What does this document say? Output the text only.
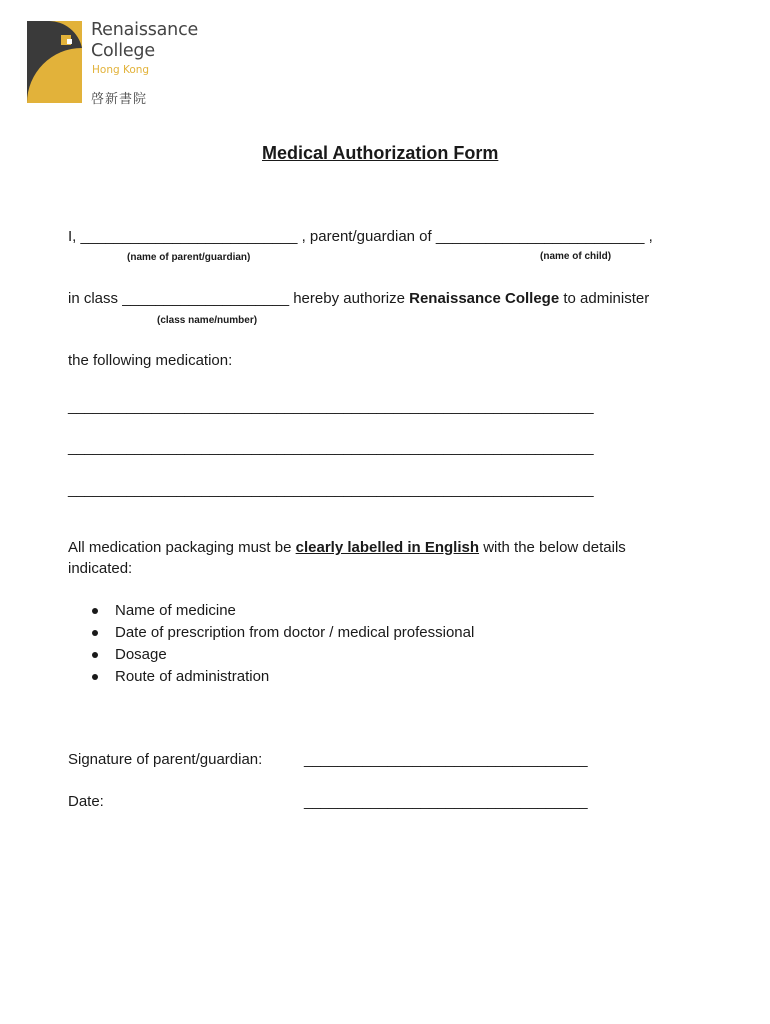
Renaissance
College
Hong Kong
啓新書院
Medical Authorization Form
I, __________________________ , parent/guardian of _________________________ ,
(name of parent/guardian)	(name of child)
in class ____________________ hereby authorize Renaissance College to administer
(class name/number)
the following medication:
_______________________________________________________________
_______________________________________________________________
_______________________________________________________________
All medication packaging must be clearly labelled in English with the below details
indicated:
Name of medicine
Date of prescription from doctor / medical professional
Dosage
Route of administration
Signature of parent/guardian:	__________________________________
Date:	__________________________________
